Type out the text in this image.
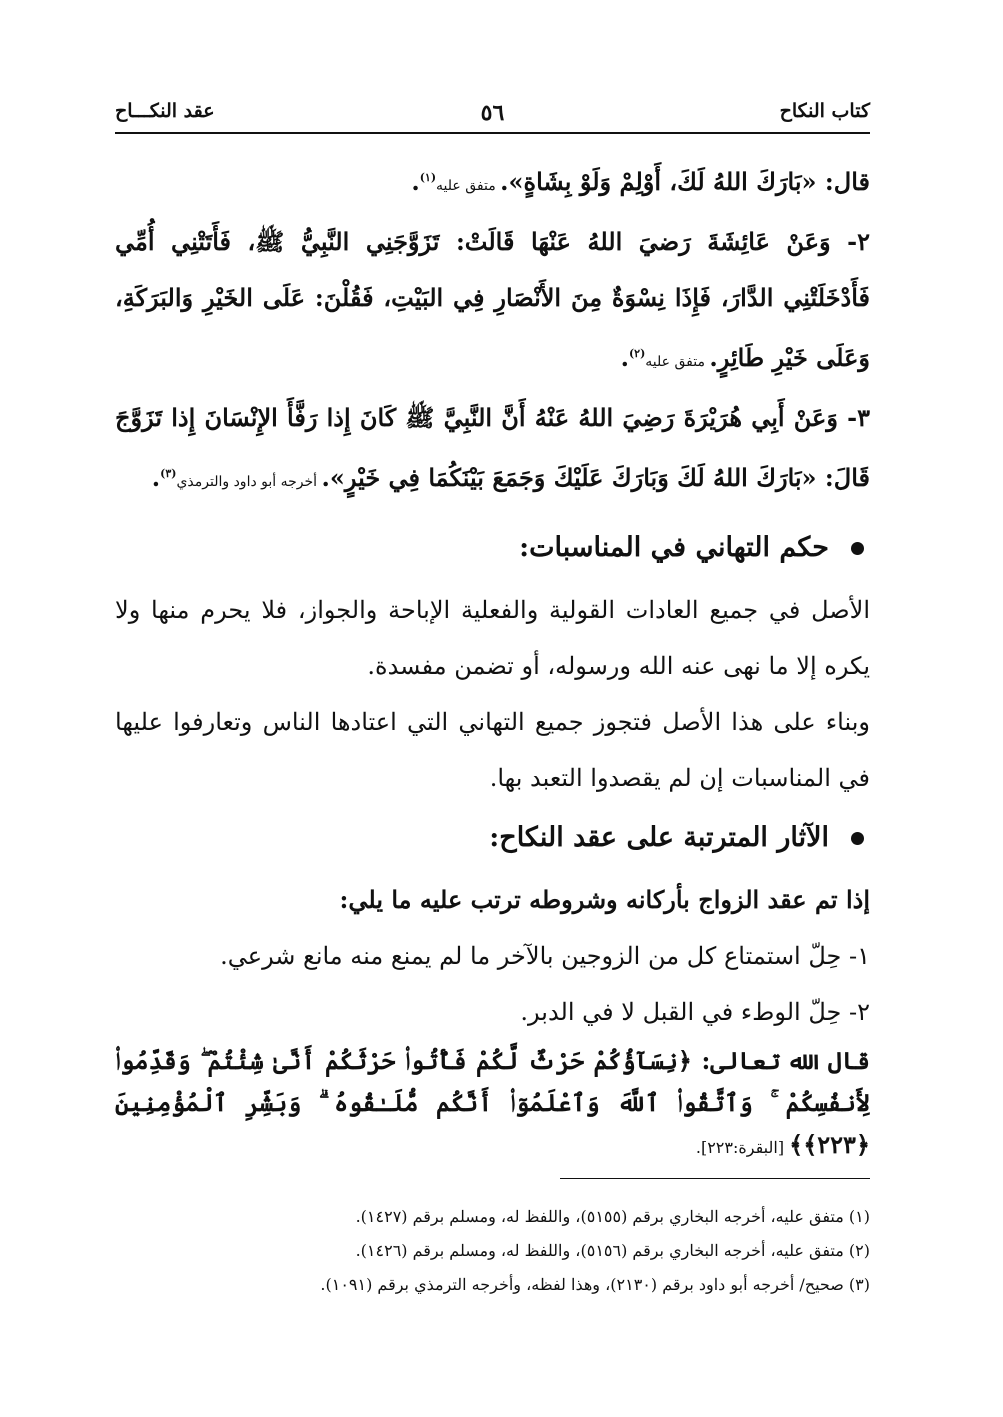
كتاب النكاح
٥٦
عقد النكـــاح

قال: «بَارَكَ اللهُ لَكَ، أَوْلِمْ وَلَوْ بِشَاةٍ». متفق عليه$^{(١)}$.

٢- وَعَنْ عَائِشَةَ رَضيَ اللهُ عَنْهَا قَالَتْ: تَزَوَّجَنِي النَّبِيُّ ﷺ، فَأَتَتْنِي أُمِّي فَأَدْخَلَتْنِي الدَّارَ، فَإِذَا نِسْوَةٌ مِنَ الأَنْصَارِ فِي البَيْتِ، فَقُلْنَ: عَلَى الخَيْرِ وَالبَرَكَةِ، وَعَلَى خَيْرِ طَائِرٍ. متفق عليه$^{(٢)}$.

٣- وَعَنْ أَبِي هُرَيْرَةَ رَضِيَ اللهُ عَنْهُ أَنَّ النَّبِيَّ ﷺ كَانَ إِذا رَفَّأَ الإِنْسَانَ إِذا تَزَوَّجَ قَالَ: «بَارَكَ اللهُ لَكَ وَبَارَكَ عَلَيْكَ وَجَمَعَ بَيْنَكُمَا فِي خَيْرٍ». أخرجه أبو داود والترمذي$^{(٣)}$.

حكم التهاني في المناسبات:

الأصل في جميع العادات القولية والفعلية الإباحة والجواز، فلا يحرم منها ولا يكره إلا ما نهى عنه الله ورسوله، أو تضمن مفسدة.

وبناء على هذا الأصل فتجوز جميع التهاني التي اعتادها الناس وتعارفوا عليها في المناسبات إن لم يقصدوا التعبد بها.

الآثار المترتبة على عقد النكاح:

إذا تم عقد الزواج بأركانه وشروطه ترتب عليه ما يلي:

١- حِلّ استمتاع كل من الزوجين بالآخر ما لم يمنع منه مانع شرعي.

٢- حِلّ الوطء في القبل لا في الدبر.

قال الله تعالى: ﴿نِسَآؤُكُمْ حَرْثٌ لَّكُمْ فَأْتُوا۟ حَرْثَكُمْ أَنَّىٰ شِئْتُمْ ۖ وَقَدِّمُوا۟ لِأَنفُسِكُمْ ۚ وَٱتَّقُوا۟ ٱللَّهَ وَٱعْلَمُوٓا۟ أَنَّكُم مُّلَـٰقُوهُ ۗ وَبَشِّرِ ٱلْمُؤْمِنِينَ ﴿٢٢٣﴾﴾ [البقرة:٢٢٣].

(١) متفق عليه، أخرجه البخاري برقم (٥١٥٥)، واللفظ له، ومسلم برقم (١٤٢٧).

(٢) متفق عليه، أخرجه البخاري برقم (٥١٥٦)، واللفظ له، ومسلم برقم (١٤٢٦).

(٣) صحيح/ أخرجه أبو داود برقم (٢١٣٠)، وهذا لفظه، وأخرجه الترمذي برقم (١٠٩١).
